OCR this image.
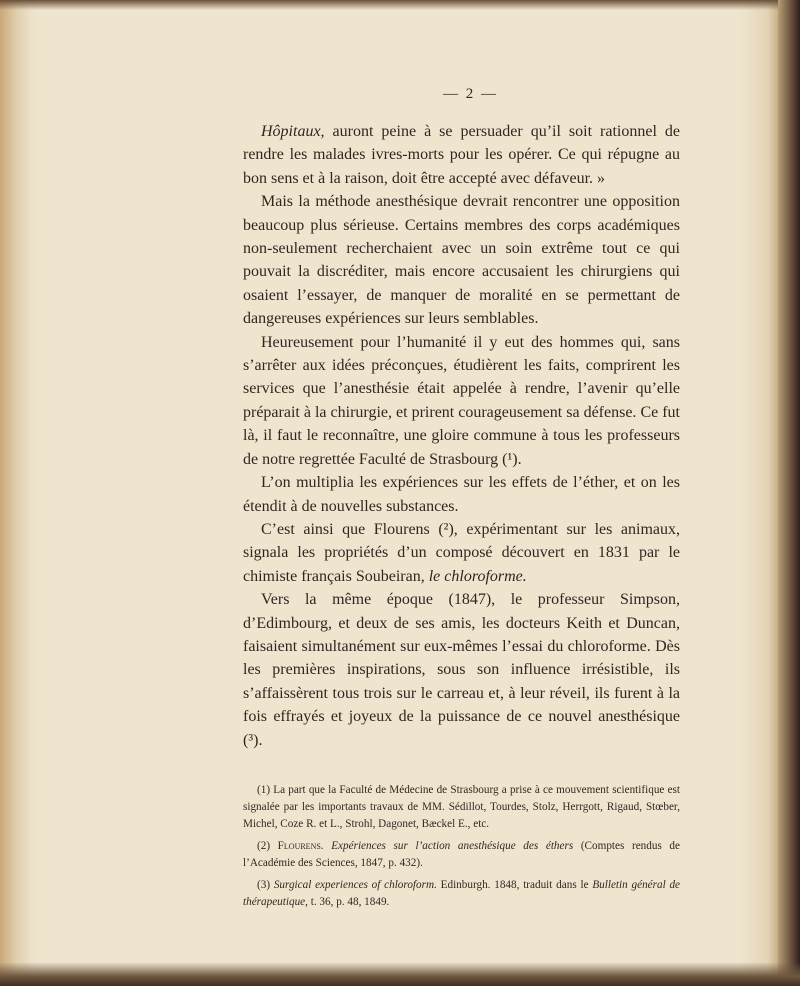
— 2 —

Hôpitaux, auront peine à se persuader qu’il soit rationnel de rendre les malades ivres-morts pour les opérer. Ce qui répugne au bon sens et à la raison, doit être accepté avec défaveur. »

Mais la méthode anesthésique devrait rencontrer une opposition beaucoup plus sérieuse. Certains membres des corps académiques non-seulement recherchaient avec un soin extrême tout ce qui pouvait la discréditer, mais encore accusaient les chirurgiens qui osaient l’essayer, de manquer de moralité en se permettant de dangereuses expériences sur leurs semblables.

Heureusement pour l’humanité il y eut des hommes qui, sans s’arrêter aux idées préconçues, étudièrent les faits, comprirent les services que l’anesthésie était appelée à rendre, l’avenir qu’elle préparait à la chirurgie, et prirent courageusement sa défense. Ce fut là, il faut le reconnaître, une gloire commune à tous les professeurs de notre regrettée Faculté de Strasbourg (¹).

L’on multiplia les expériences sur les effets de l’éther, et on les étendit à de nouvelles substances.

C’est ainsi que Flourens (²), expérimentant sur les animaux, signala les propriétés d’un composé découvert en 1831 par le chimiste français Soubeiran, le chloroforme.

Vers la même époque (1847), le professeur Simpson, d’Edimbourg, et deux de ses amis, les docteurs Keith et Duncan, faisaient simultanément sur eux-mêmes l’essai du chloroforme. Dès les premières inspirations, sous son influence irrésistible, ils s’affaissèrent tous trois sur le carreau et, à leur réveil, ils furent à la fois effrayés et joyeux de la puissance de ce nouvel anesthésique (³).

(1) La part que la Faculté de Médecine de Strasbourg a prise à ce mouvement scientifique est signalée par les importants travaux de MM. Sédillot, Tourdes, Stolz, Herrgott, Rigaud, Stœber, Michel, Coze R. et L., Strohl, Dagonet, Bæckel E., etc.

(2) Flourens. Expériences sur l’action anesthésique des éthers (Comptes rendus de l’Académie des Sciences, 1847, p. 432).

(3) Surgical experiences of chloroform. Edinburgh. 1848, traduit dans le Bulletin général de thérapeutique, t. 36, p. 48, 1849.
